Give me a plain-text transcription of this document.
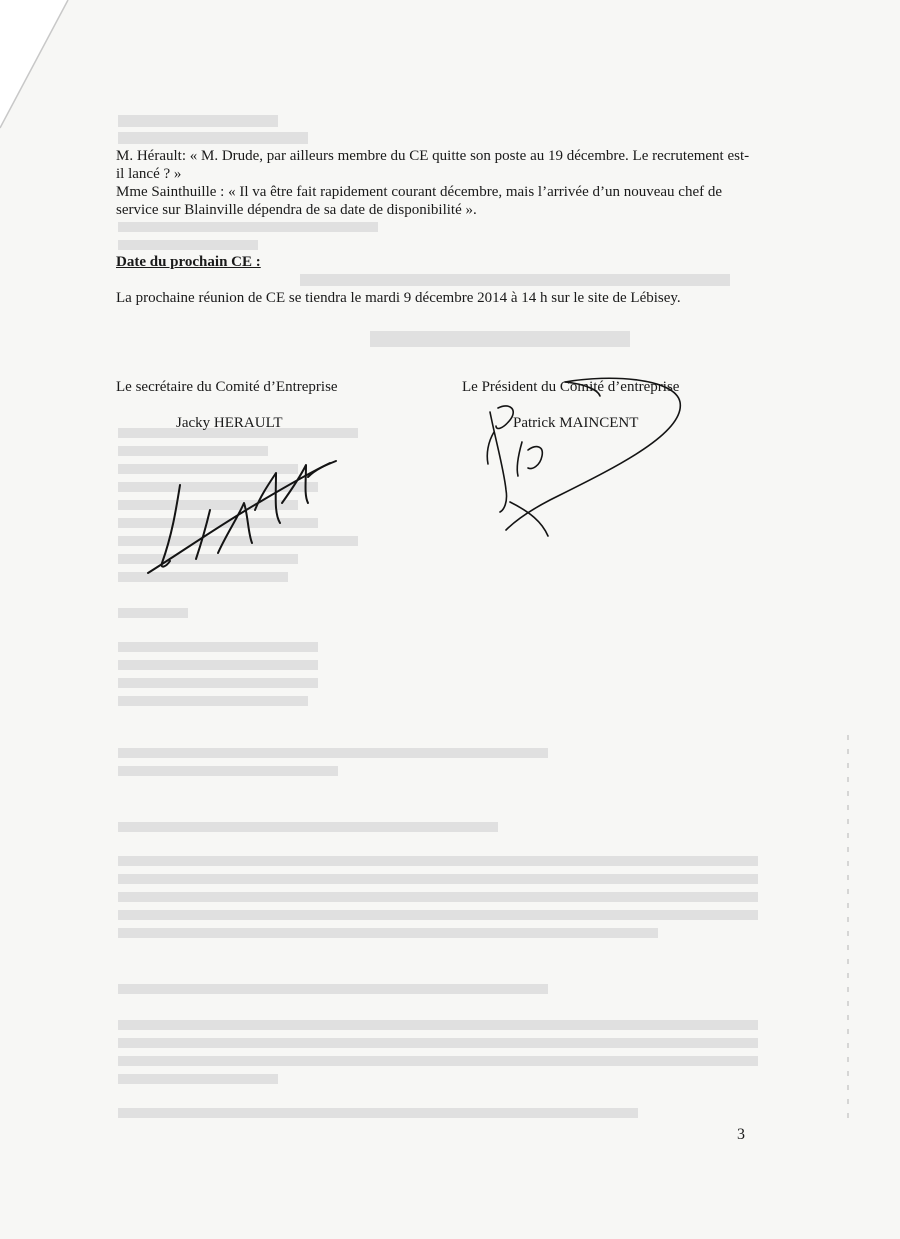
M. Hérault: « M. Drude, par ailleurs membre du CE quitte son poste au 19 décembre. Le recrutement est-il lancé ? »
Mme Sainthuille : « Il va être fait rapidement courant décembre, mais l’arrivée d’un nouveau chef de service sur Blainville dépendra de sa date de disponibilité ».
Date du prochain CE :
La prochaine réunion de CE se tiendra le mardi 9 décembre 2014 à 14 h sur le site de Lébisey.
Le secrétaire du Comité d’Entreprise
Jacky HERAULT
Le Président du Comité d’entreprise
Patrick MAINCENT
3
